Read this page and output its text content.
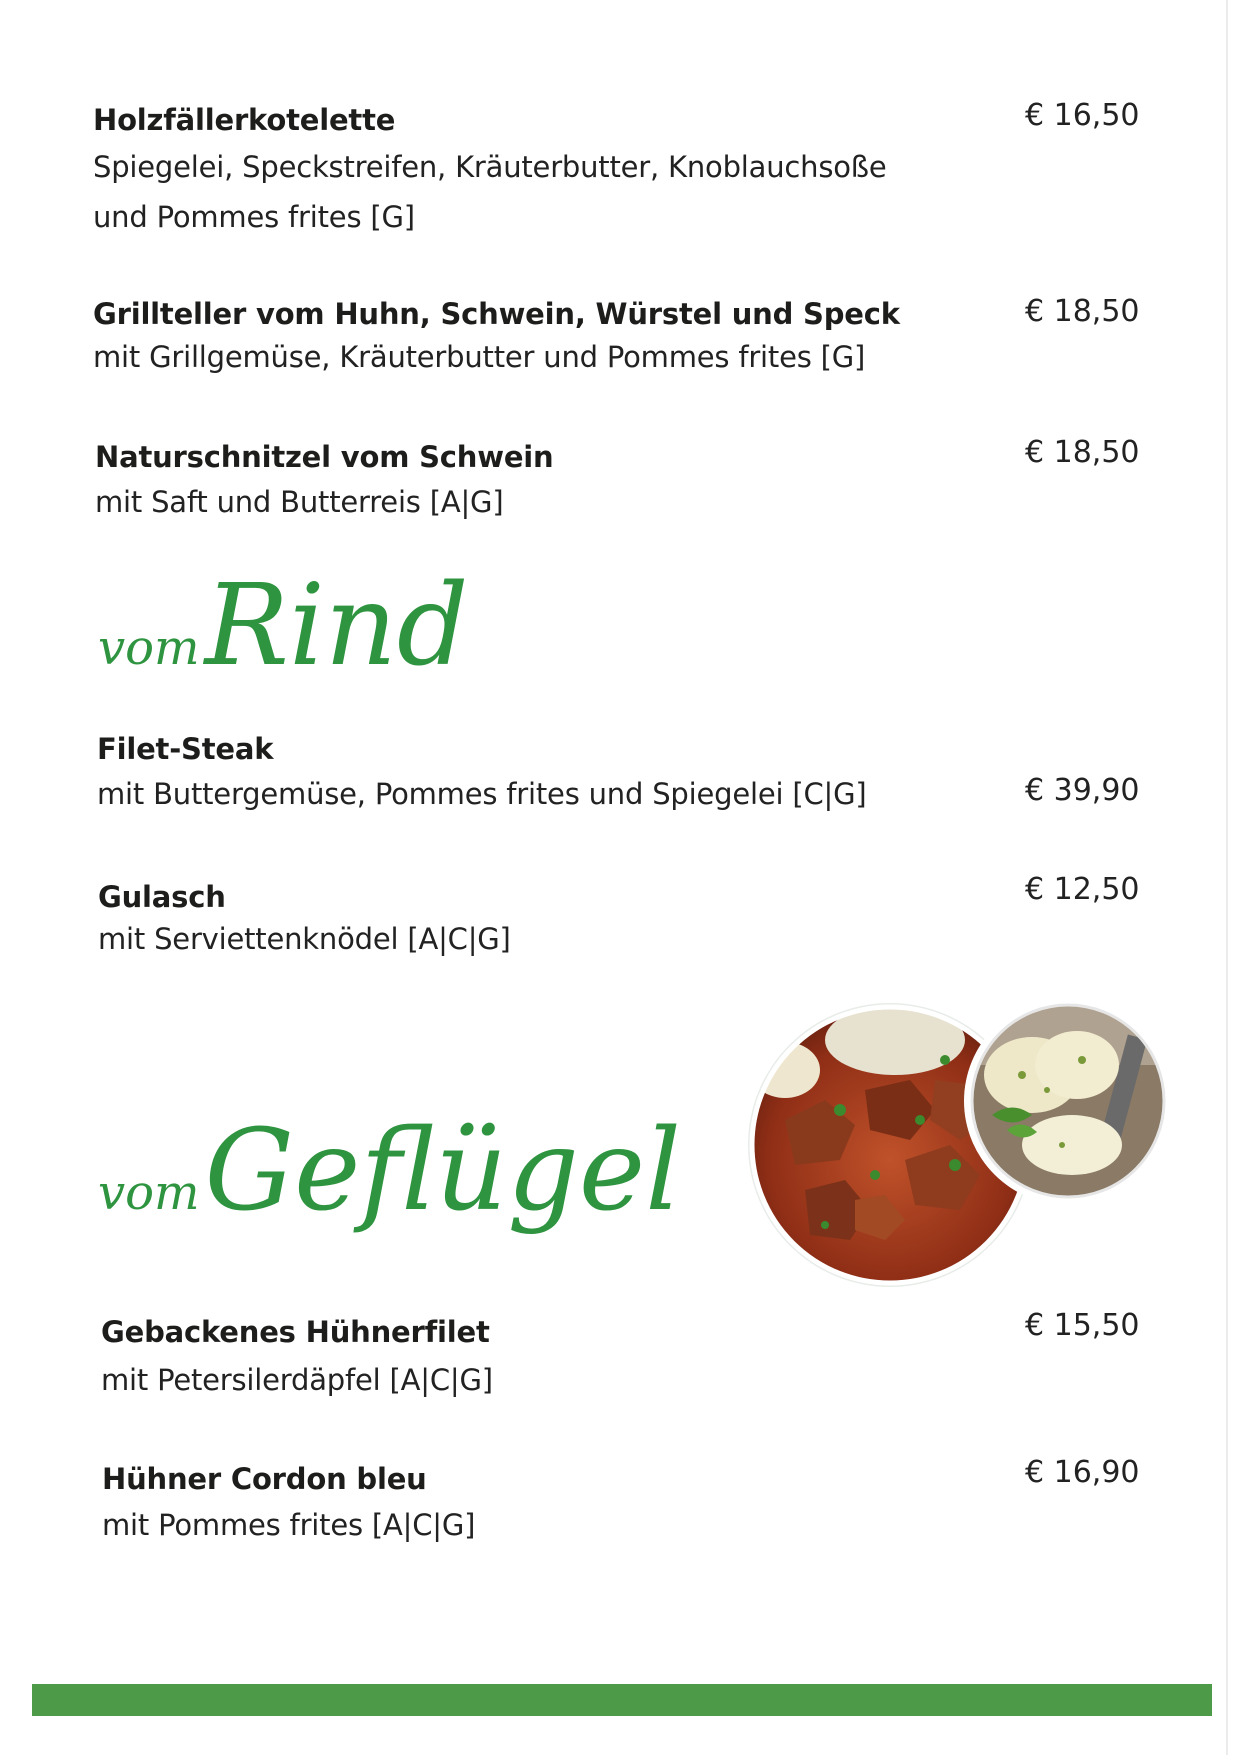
Holzfällerkotelette
Spiegelei, Speckstreifen, Kräuterbutter, Knoblauchsoße
und Pommes frites [G]
€ 16,50
Grillteller vom Huhn, Schwein, Würstel und Speck
mit Grillgemüse, Kräuterbutter und Pommes frites [G]
€ 18,50
Naturschnitzel vom Schwein
mit Saft und Butterreis [A|G]
€ 18,50
vom Rind
Filet-Steak
mit Buttergemüse, Pommes frites und Spiegelei [C|G]	€ 39,90
Gulasch
mit Serviettenknödel [A|C|G]
€ 12,50
vom Geflügel
Gebackenes Hühnerfilet
mit Petersilerdäpfel [A|C|G]
€ 15,50
Hühner Cordon bleu
mit Pommes frites [A|C|G]
€ 16,90
